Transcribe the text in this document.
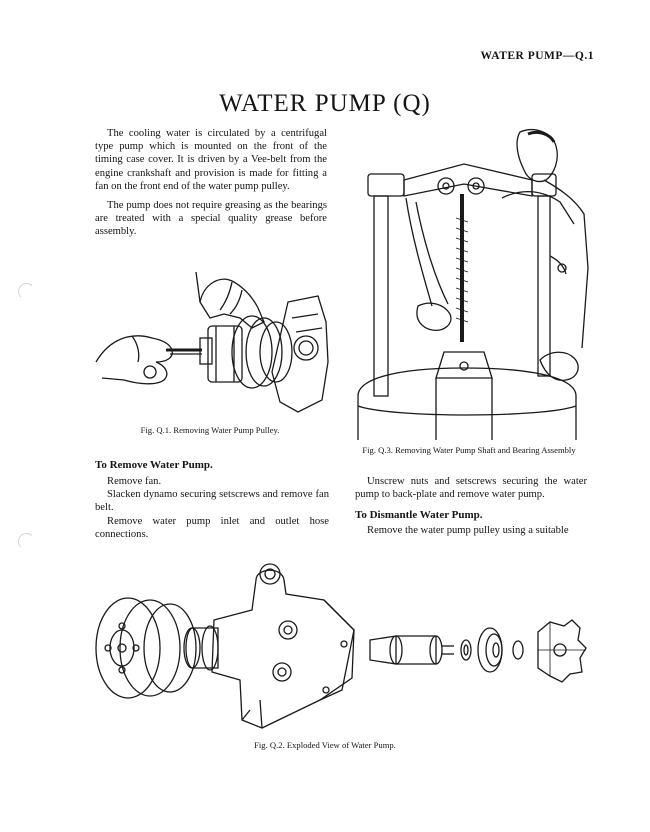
WATER PUMP—Q.1
WATER PUMP (Q)

The cooling water is circulated by a centrifugal type pump which is mounted on the front of the timing case cover. It is driven by a Vee-belt from the engine crankshaft and provision is made for fitting a fan on the front end of the water pump pulley.

The pump does not require greasing as the bearings are treated with a special quality grease before assembly.

Fig. Q.1. Removing Water Pump Pulley.
Fig. Q.3. Removing Water Pump Shaft and Bearing Assembly

To Remove Water Pump.

Remove fan.

Slacken dynamo securing setscrews and remove fan belt.

Remove water pump inlet and outlet hose connections.

Unscrew nuts and setscrews securing the water pump to back-plate and remove water pump.

To Dismantle Water Pump.

Remove the water pump pulley using a suitable

Fig. Q.2. Exploded View of Water Pump.
